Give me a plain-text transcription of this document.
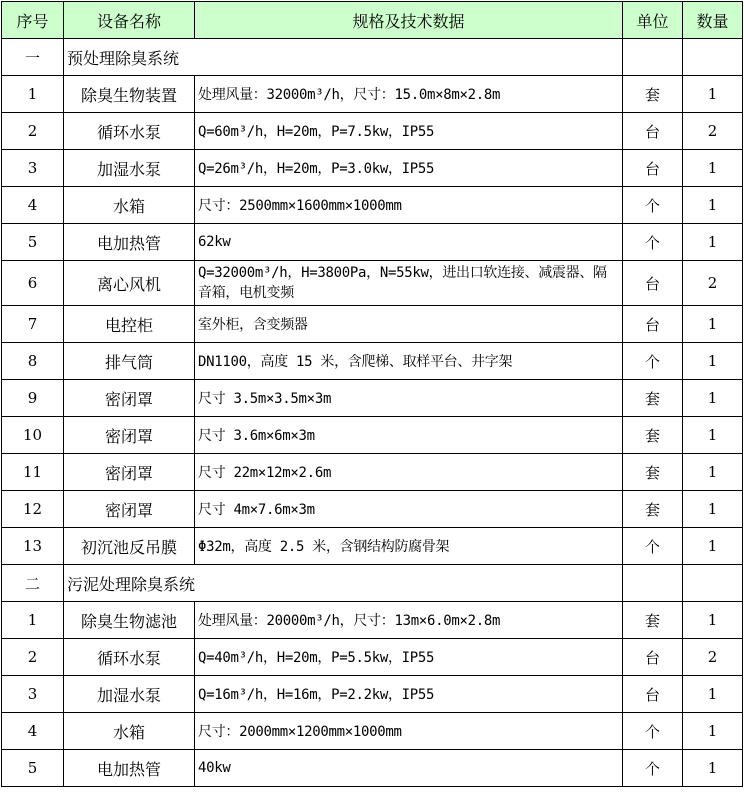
序号	设备名称	规格及技术数据	单位	数量
一	预处理除臭系统			
1	除臭生物装置	处理风量：32000m³/h，尺寸：15.0m×8m×2.8m	套	1
2	循环水泵	Q=60m³/h，H=20m，P=7.5kw，IP55	台	2
3	加湿水泵	Q=26m³/h，H=20m，P=3.0kw，IP55	台	1
4	水箱	尺寸：2500mm×1600mm×1000mm	个	1
5	电加热管	62kw	个	1
6	离心风机	Q=32000m³/h，H=3800Pa，N=55kw，进出口软连接、减震器、隔音箱，电机变频	台	2
7	电控柜	室外柜，含变频器	台	1
8	排气筒	DN1100，高度 15 米，含爬梯、取样平台、井字架	个	1
9	密闭罩	尺寸 3.5m×3.5m×3m	套	1
10	密闭罩	尺寸 3.6m×6m×3m	套	1
11	密闭罩	尺寸 22m×12m×2.6m	套	1
12	密闭罩	尺寸 4m×7.6m×3m	套	1
13	初沉池反吊膜	Φ32m，高度 2.5 米，含钢结构防腐骨架	个	1
二	污泥处理除臭系统			
1	除臭生物滤池	处理风量：20000m³/h，尺寸：13m×6.0m×2.8m	套	1
2	循环水泵	Q=40m³/h，H=20m，P=5.5kw，IP55	台	2
3	加湿水泵	Q=16m³/h，H=16m，P=2.2kw，IP55	台	1
4	水箱	尺寸：2000mm×1200mm×1000mm	个	1
5	电加热管	40kw	个	1
